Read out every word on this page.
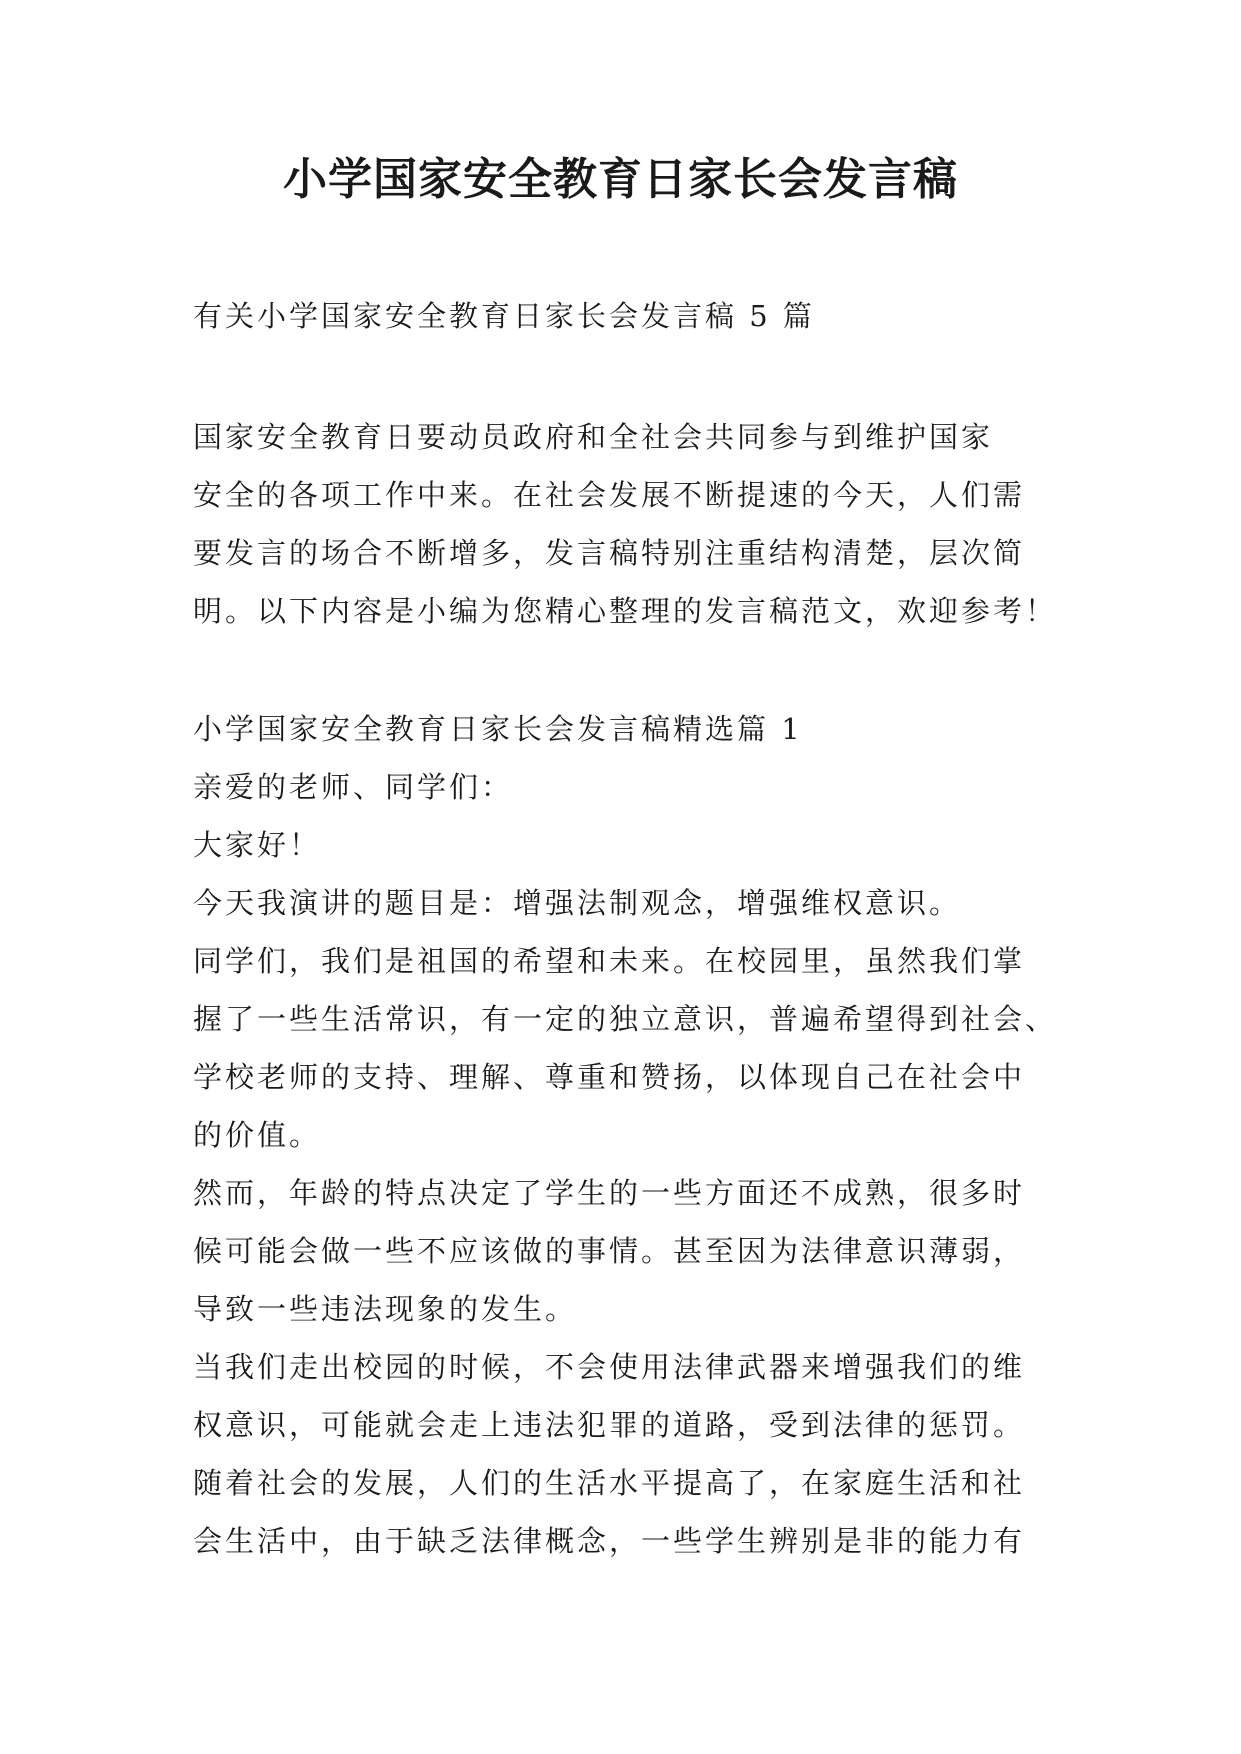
小学国家安全教育日家长会发言稿
有关小学国家安全教育日家长会发言稿 5 篇
国家安全教育日要动员政府和全社会共同参与到维护国家
安全的各项工作中来。在社会发展不断提速的今天，人们需
要发言的场合不断增多，发言稿特别注重结构清楚，层次简
明。以下内容是小编为您精心整理的发言稿范文，欢迎参考！
小学国家安全教育日家长会发言稿精选篇 1
亲爱的老师、同学们：
大家好！
今天我演讲的题目是：增强法制观念，增强维权意识。
同学们，我们是祖国的希望和未来。在校园里，虽然我们掌
握了一些生活常识，有一定的独立意识，普遍希望得到社会、
学校老师的支持、理解、尊重和赞扬，以体现自己在社会中
的价值。
然而，年龄的特点决定了学生的一些方面还不成熟，很多时
候可能会做一些不应该做的事情。甚至因为法律意识薄弱，
导致一些违法现象的发生。
当我们走出校园的时候，不会使用法律武器来增强我们的维
权意识，可能就会走上违法犯罪的道路，受到法律的惩罚。
随着社会的发展，人们的生活水平提高了，在家庭生活和社
会生活中，由于缺乏法律概念，一些学生辨别是非的能力有
